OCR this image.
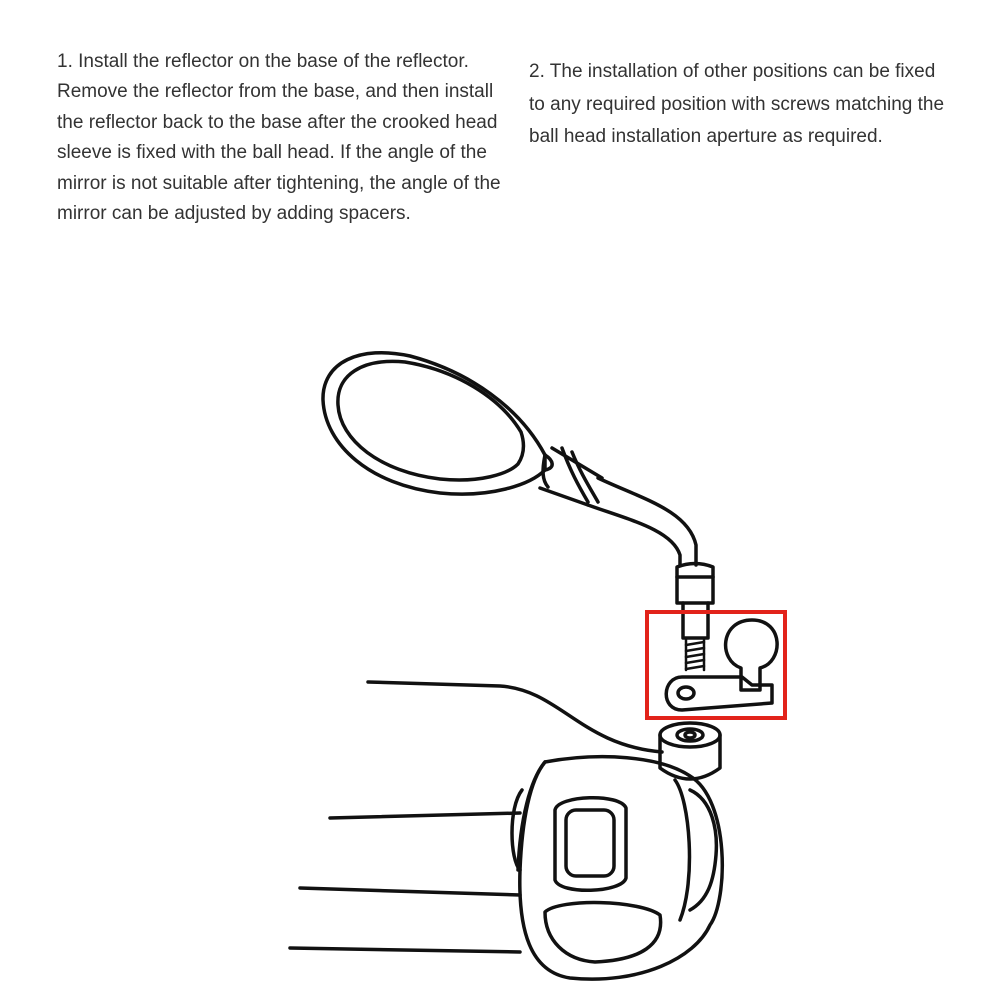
1. Install the reflector on the base of the reflector. Remove the reflector from the base, and then install the reflector back to the base after the crooked head sleeve is fixed with the ball head. If the angle of the mirror is not suitable after tightening, the angle of the mirror can be adjusted by adding spacers.

2. The installation of other positions can be fixed to any required position with screws matching the ball head installation aperture as required.
